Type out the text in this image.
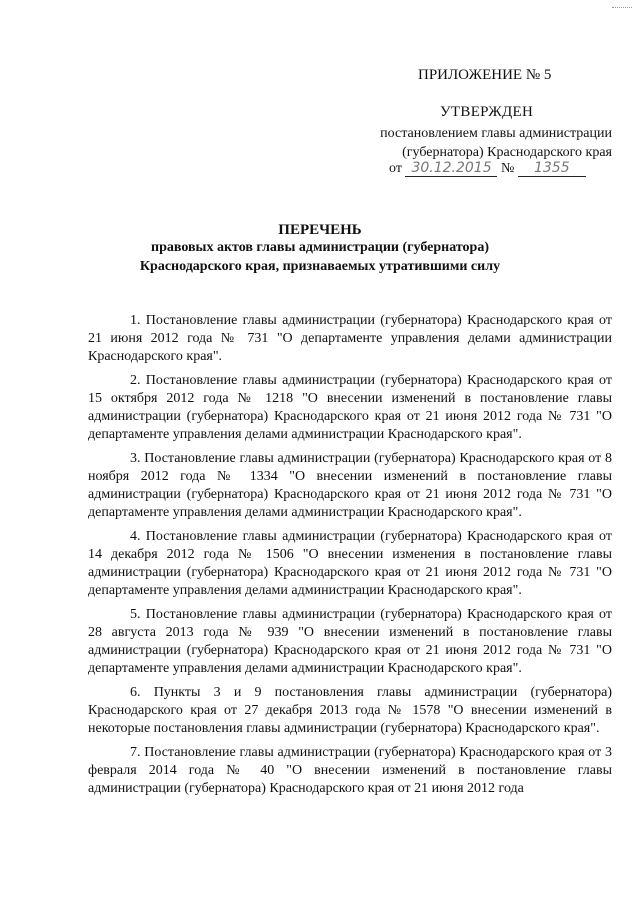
ПРИЛОЖЕНИЕ № 5
УТВЕРЖДЕН
постановлением главы администрации
(губернатора) Краснодарского края
от 30.12.2015 № 1355
ПЕРЕЧЕНЬ
правовых актов главы администрации (губернатора)
Краснодарского края, признаваемых утратившими силу

1. Постановление главы администрации (губернатора) Краснодарского края от 21 июня 2012 года № 731 "О департаменте управления делами администрации Краснодарского края".

2. Постановление главы администрации (губернатора) Краснодарского края от 15 октября 2012 года № 1218 "О внесении изменений в постановление главы администрации (губернатора) Краснодарского края от 21 июня 2012 года № 731 "О департаменте управления делами администрации Краснодарского края".

3. Постановление главы администрации (губернатора) Краснодарского края от 8 ноября 2012 года № 1334 "О внесении изменений в постановление главы администрации (губернатора) Краснодарского края от 21 июня 2012 года № 731 "О департаменте управления делами администрации Краснодарского края".

4. Постановление главы администрации (губернатора) Краснодарского края от 14 декабря 2012 года № 1506 "О внесении изменения в постановление главы администрации (губернатора) Краснодарского края от 21 июня 2012 года № 731 "О департаменте управления делами администрации Краснодарского края".

5. Постановление главы администрации (губернатора) Краснодарского края от 28 августа 2013 года № 939 "О внесении изменений в постановление главы администрации (губернатора) Краснодарского края от 21 июня 2012 года № 731 "О департаменте управления делами администрации Краснодарского края".

6. Пункты 3 и 9 постановления главы администрации (губернатора) Краснодарского края от 27 декабря 2013 года № 1578 "О внесении изменений в некоторые постановления главы администрации (губернатора) Краснодарского края".

7. Постановление главы администрации (губернатора) Краснодарского края от 3 февраля 2014 года № 40 "О внесении изменений в постановление главы администрации (губернатора) Краснодарского края от 21 июня 2012 года
